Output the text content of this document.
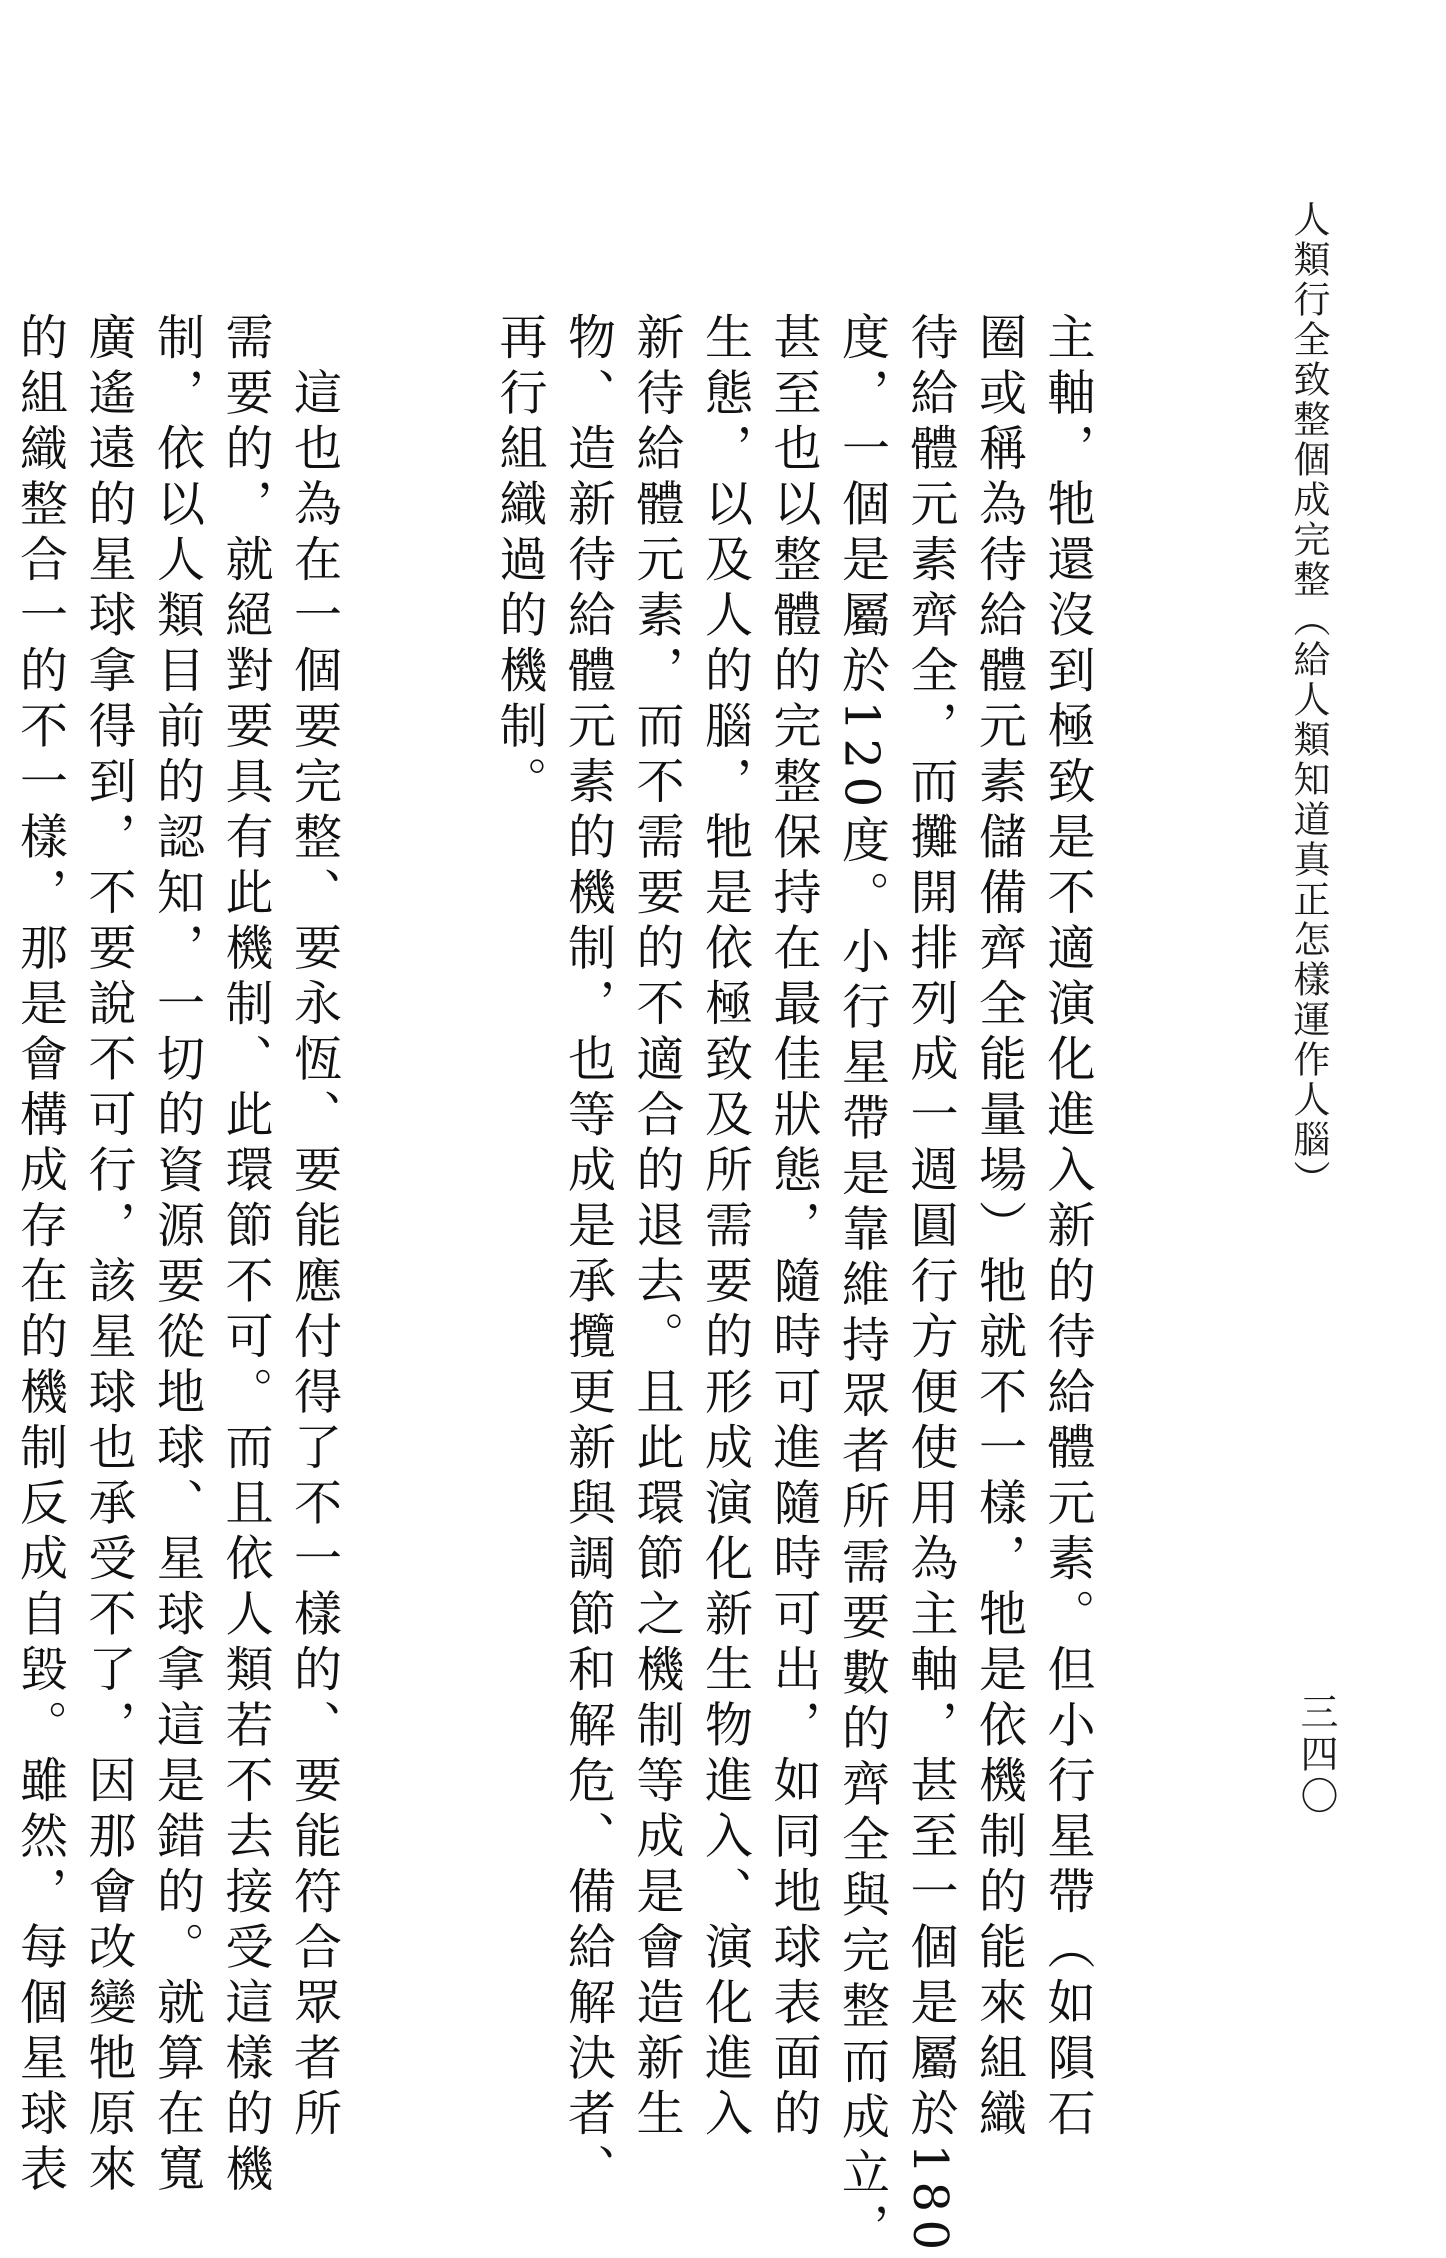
人類行全致整個成完整︵給人類知道真正怎樣運作人腦︶
三四〇

主軸，牠還沒到極致是不適演化進入新的待給體元素。但小行星帶︵如隕石
圈或稱為待給體元素儲備齊全能量場︶牠就不一樣，牠是依機制的能來組織
待給體元素齊全，而攤開排列成一週圓行方便使用為主軸，甚至一個是屬於180
度，一個是屬於120度。小行星帶是靠維持眾者所需要數的齊全與完整而成立，
甚至也以整體的完整保持在最佳狀態，隨時可進隨時可出，如同地球表面的
生態，以及人的腦，牠是依極致及所需要的形成演化新生物進入、演化進入
新待給體元素，而不需要的不適合的退去。且此環節之機制等成是會造新生
物、造新待給體元素的機制，也等成是承攬更新與調節和解危、備給解決者、
再行組織過的機制。

　這也為在一個要完整、要永恆、要能應付得了不一樣的、要能符合眾者所
需要的，就絕對要具有此機制、此環節不可。而且依人類若不去接受這樣的機
制，依以人類目前的認知，一切的資源要從地球、星球拿這是錯的。就算在寬
廣遙遠的星球拿得到，不要說不可行，該星球也承受不了，因那會改變牠原來
的組織整合一的不一樣，那是會構成存在的機制反成自毀。雖然，每個星球表
